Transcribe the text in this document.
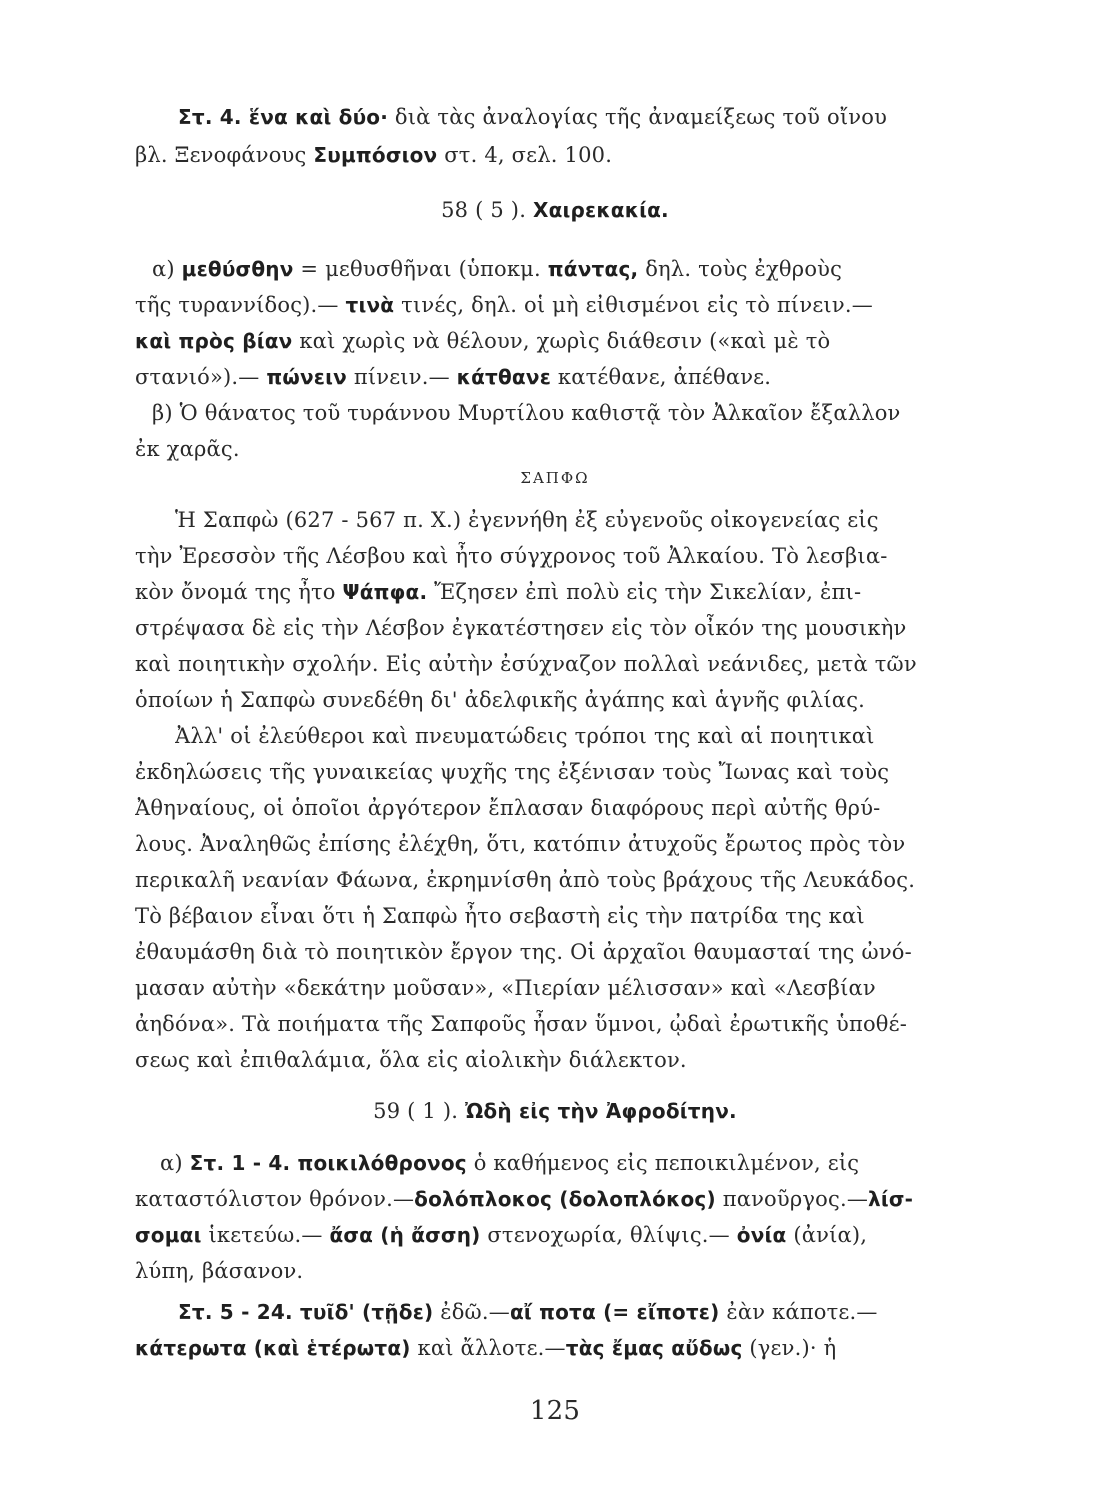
Στ. 4. ἕνα καὶ δύο· διὰ τὰς ἀναλογίας τῆς ἀναμείξεως τοῦ οἴνου
βλ. Ξενοφάνους Συμπόσιον στ. 4, σελ. 100.
58 ( 5 ). Χαιρεκακία.
α) μεθύσθην = μεθυσθῆναι (ὑποκμ. πάντας, δηλ. τοὺς ἐχθροὺς
τῆς τυραννίδος).— τινὰ τινές, δηλ. οἱ μὴ εἰθισμένοι εἰς τὸ πίνειν.—
καὶ πρὸς βίαν καὶ χωρὶς νὰ θέλουν, χωρὶς διάθεσιν («καὶ μὲ τὸ
στανιό»).— πώνειν πίνειν.— κάτθανε κατέθανε, ἀπέθανε.
β) Ὁ θάνατος τοῦ τυράννου Μυρτίλου καθιστᾷ τὸν Ἀλκαῖον ἔξαλλον
ἐκ χαρᾶς.
ΣΑΠΦΩ
Ἡ Σαπφὼ (627 - 567 π. Χ.) ἐγεννήθη ἐξ εὐγενοῦς οἰκογενείας εἰς
τὴν Ἐρεσσὸν τῆς Λέσβου καὶ ἦτο σύγχρονος τοῦ Ἀλκαίου. Τὸ λεσβια-
κὸν ὄνομά της ἦτο Ψάπφα. Ἔζησεν ἐπὶ πολὺ εἰς τὴν Σικελίαν, ἐπι-
στρέψασα δὲ εἰς τὴν Λέσβον ἐγκατέστησεν εἰς τὸν οἶκόν της μουσικὴν
καὶ ποιητικὴν σχολήν. Εἰς αὐτὴν ἐσύχναζον πολλαὶ νεάνιδες, μετὰ τῶν
ὁποίων ἡ Σαπφὼ συνεδέθη δι' ἀδελφικῆς ἀγάπης καὶ ἁγνῆς φιλίας.
Ἀλλ' οἱ ἐλεύθεροι καὶ πνευματώδεις τρόποι της καὶ αἱ ποιητικαὶ
ἐκδηλώσεις τῆς γυναικείας ψυχῆς της ἐξένισαν τοὺς Ἴωνας καὶ τοὺς
Ἀθηναίους, οἱ ὁποῖοι ἀργότερον ἔπλασαν διαφόρους περὶ αὐτῆς θρύ-
λους. Ἀναληθῶς ἐπίσης ἐλέχθη, ὅτι, κατόπιν ἀτυχοῦς ἔρωτος πρὸς τὸν
περικαλῆ νεανίαν Φάωνα, ἐκρημνίσθη ἀπὸ τοὺς βράχους τῆς Λευκάδος.
Τὸ βέβαιον εἶναι ὅτι ἡ Σαπφὼ ἦτο σεβαστὴ εἰς τὴν πατρίδα της καὶ
ἐθαυμάσθη διὰ τὸ ποιητικὸν ἔργον της. Οἱ ἀρχαῖοι θαυμασταί της ὠνό-
μασαν αὐτὴν «δεκάτην μοῦσαν», «Πιερίαν μέλισσαν» καὶ «Λεσβίαν
ἀηδόνα». Τὰ ποιήματα τῆς Σαπφοῦς ἦσαν ὕμνοι, ᾠδαὶ ἐρωτικῆς ὑποθέ-
σεως καὶ ἐπιθαλάμια, ὅλα εἰς αἰολικὴν διάλεκτον.
59 ( 1 ). Ὠδὴ εἰς τὴν Ἀφροδίτην.
α) Στ. 1 - 4. ποικιλόθρονος ὁ καθήμενος εἰς πεποικιλμένον, εἰς
καταστόλιστον θρόνον.—δολόπλοκος (δολοπλόκος) πανοῦργος.—λίσ-
σομαι ἱκετεύω.— ἄσα (ἡ ἄσση) στενοχωρία, θλίψις.— ὀνία (ἀνία),
λύπη, βάσανον.
Στ. 5 - 24. τυῖδ' (τῇδε) ἐδῶ.—αἴ ποτα (= εἴποτε) ἐὰν κάποτε.—
κάτερωτα (καὶ ἑτέρωτα) καὶ ἄλλοτε.—τὰς ἔμας αὔδως (γεν.)· ἡ
125
